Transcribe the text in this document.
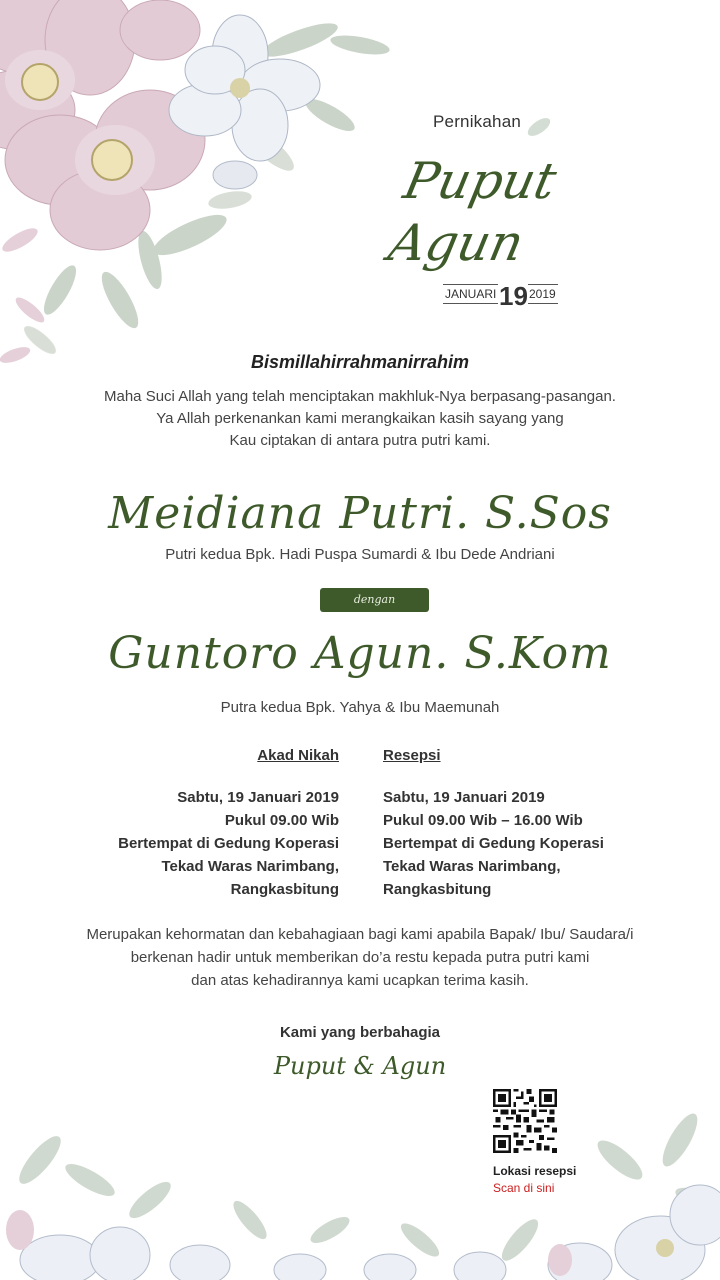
Pernikahan
Puput
Agun
JANUARI 19 2019
Bismillahirrahmanirrahim
Maha Suci Allah yang telah menciptakan makhluk-Nya berpasang-pasangan.
Ya Allah perkenankan kami merangkaikan kasih sayang yang
Kau ciptakan di antara putra putri kami.
Meidiana Putri. S.Sos
Putri kedua Bpk. Hadi Puspa Sumardi & Ibu Dede Andriani
dengan
Guntoro Agun. S.Kom
Putra kedua Bpk. Yahya & Ibu Maemunah
Akad Nikah	Resepsi
Sabtu, 19 Januari 2019
Pukul 09.00 Wib
Bertempat di Gedung Koperasi
Tekad Waras Narimbang,
Rangkasbitung
Sabtu, 19 Januari 2019
Pukul 09.00 Wib – 16.00 Wib
Bertempat di Gedung Koperasi
Tekad Waras Narimbang,
Rangkasbitung
Merupakan kehormatan dan kebahagiaan bagi kami apabila Bapak/ Ibu/ Saudara/i
berkenan hadir untuk memberikan do’a restu kepada putra putri kami
dan atas kehadirannya kami ucapkan terima kasih.
Kami yang berbahagia
Puput & Agun
Lokasi resepsi
Scan di sini
